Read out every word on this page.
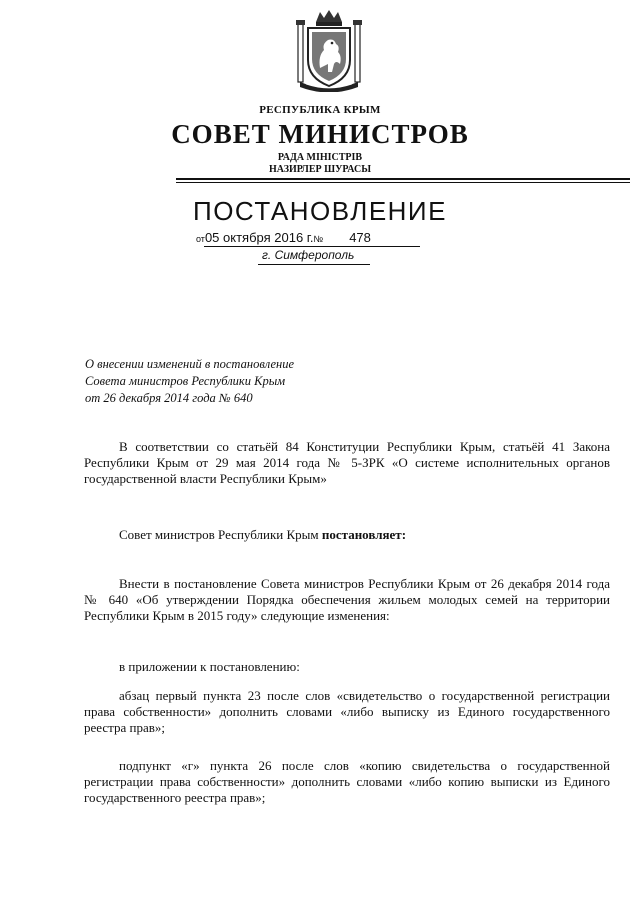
РЕСПУБЛИКА КРЫМ
СОВЕТ МИНИСТРОВ
РАДА МІНІСТРІВ
НАЗИРЛЕР ШУРАСЫ
ПОСТАНОВЛЕНИЕ
от05 октября 2016 г.№ 478
г. Симферополь
О внесении изменений в постановление
Совета министров Республики Крым
от 26 декабря 2014 года № 640
В соответствии со статьёй 84 Конституции Республики Крым, статьёй 41 Закона Республики Крым от 29 мая 2014 года № 5-ЗРК «О системе исполнительных органов государственной власти Республики Крым»
Совет министров Республики Крым постановляет:
Внести в постановление Совета министров Республики Крым от 26 декабря 2014 года № 640 «Об утверждении Порядка обеспечения жильем молодых семей на территории Республики Крым в 2015 году» следующие изменения:
в приложении к постановлению:
абзац первый пункта 23 после слов «свидетельство о государственной регистрации права собственности» дополнить словами «либо выписку из Единого государственного реестра прав»;
подпункт «г» пункта 26 после слов «копию свидетельства о государственной регистрации права собственности» дополнить словами «либо копию выписки из Единого государственного реестра прав»;
